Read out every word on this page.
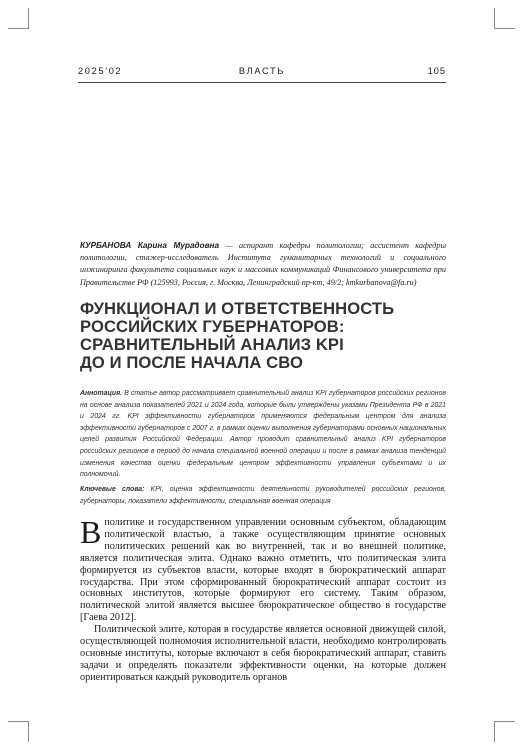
2025'02	ВЛАСТЬ	105
КУРБАНОВА Карина Мурадовна — аспирант кафедры политологии; ассистент кафедры политологии, стажер-исследователь Института гуманитарных технологий и социального инжиниринга факультета социальных наук и массовых коммуникаций Финансового университета при Правительстве РФ (125993, Россия, г. Москва, Ленинградский пр-кт, 49/2; kmkurbanova@fa.ru)
ФУНКЦИОНАЛ И ОТВЕТСТВЕННОСТЬ
РОССИЙСКИХ ГУБЕРНАТОРОВ:
СРАВНИТЕЛЬНЫЙ АНАЛИЗ KPI
ДО И ПОСЛЕ НАЧАЛА СВО
Аннотация. В статье автор рассматривает сравнительный анализ KPI губернаторов российских регионов на основе анализа показателей 2021 и 2024 года, которые были утверждены указами Президента РФ в 2021 и 2024 гг. KPI эффективности губернаторов применяются федеральным центром для анализа эффективности губернаторов с 2007 г. в рамках оценки выполнения губернаторами основных национальных целей развития Российской Федерации. Автор проводит сравнительный анализ KPI губернаторов российских регионов в период до начала специальной военной операции и после в рамках анализа тенденций изменения качества оценки федеральным центром эффективности управления субъектами и их полномочий.
Ключевые слова: KPI, оценка эффективности деятельности руководителей российских регионов, губернаторы, показатели эффективности, специальная военная операция

Вполитике и государственном управлении основным субъектом, обладающим политической властью, а также осуществляющим принятие основных политических решений как во внутренней, так и во внешней политике, является политическая элита. Однако важно отметить, что политическая элита формируется из субъектов власти, которые входят в бюрократический аппарат государства. При этом сформированный бюрократический аппарат состоит из основных институтов, которые формируют его систему. Таким образом, политической элитой является высшее бюрократическое общество в государстве [Гаева 2012].

Политической элите, которая в государстве является основной движущей силой, осуществляющей полномочия исполнительной власти, необходимо контролировать основные институты, которые включают в себя бюрократический аппарат, ставить задачи и определять показатели эффективности оценки, на которые должен ориентироваться каждый руководитель органов
